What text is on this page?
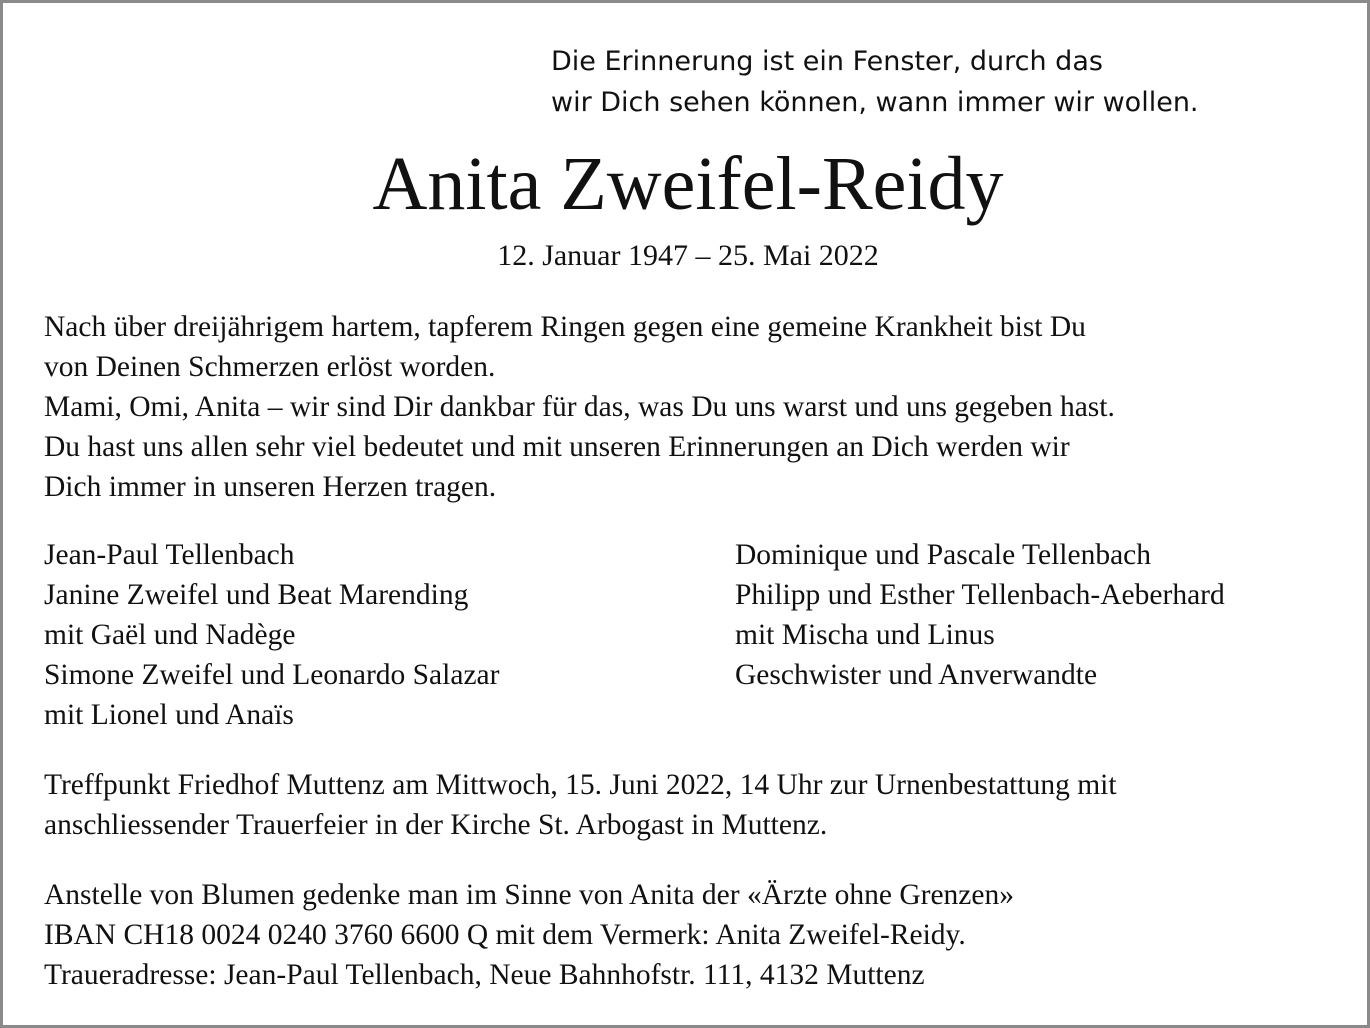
Die Erinnerung ist ein Fenster, durch das
wir Dich sehen können, wann immer wir wollen.
Anita Zweifel-Reidy
12. Januar 1947 – 25. Mai 2022
Nach über dreijährigem hartem, tapferem Ringen gegen eine gemeine Krankheit bist Du
von Deinen Schmerzen erlöst worden.
Mami, Omi, Anita – wir sind Dir dankbar für das, was Du uns warst und uns gegeben hast.
Du hast uns allen sehr viel bedeutet und mit unseren Erinnerungen an Dich werden wir
Dich immer in unseren Herzen tragen.
Jean-Paul Tellenbach
Janine Zweifel und Beat Marending
mit Gaël und Nadège
Simone Zweifel und Leonardo Salazar
mit Lionel und Anaïs
Dominique und Pascale Tellenbach
Philipp und Esther Tellenbach-Aeberhard
mit Mischa und Linus
Geschwister und Anverwandte
Treffpunkt Friedhof Muttenz am Mittwoch, 15. Juni 2022, 14 Uhr zur Urnenbestattung mit
anschliessender Trauerfeier in der Kirche St. Arbogast in Muttenz.
Anstelle von Blumen gedenke man im Sinne von Anita der «Ärzte ohne Grenzen»
IBAN CH18 0024 0240 3760 6600 Q mit dem Vermerk: Anita Zweifel-Reidy.
Traueradresse: Jean-Paul Tellenbach, Neue Bahnhofstr. 111, 4132 Muttenz
